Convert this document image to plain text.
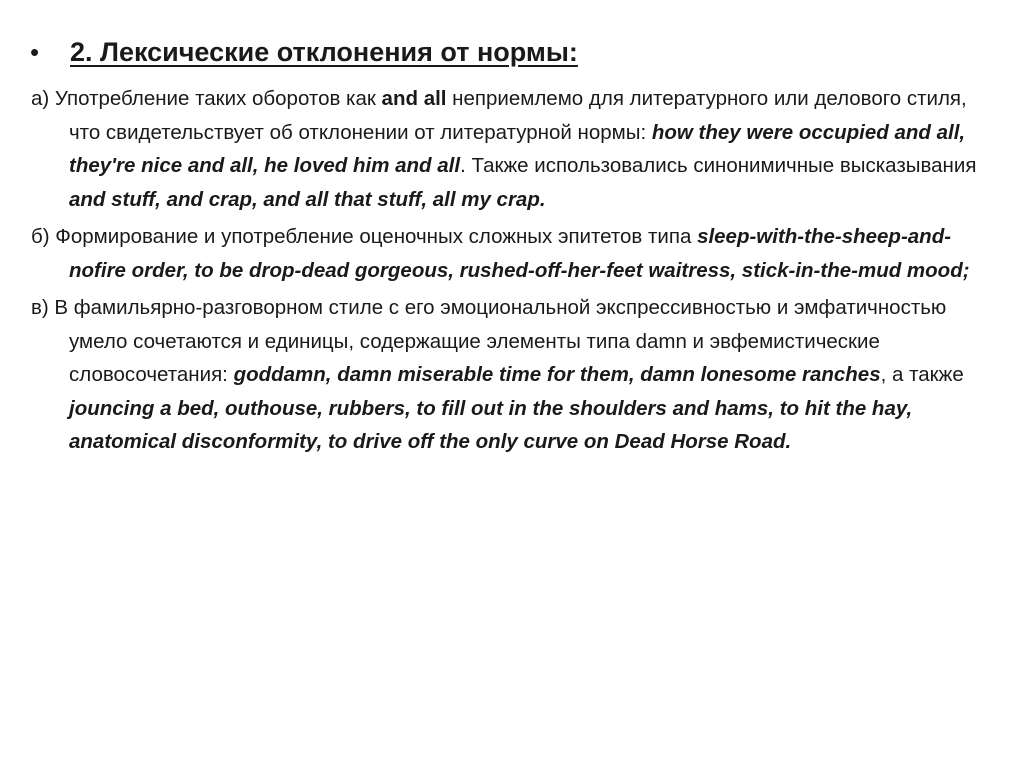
•	2. Лексические отклонения от нормы:

а) Употребление таких оборотов как and all неприемлемо для литературного или делового стиля, что свидетельствует об отклонении от литературной нормы: how they were occupied and all, they're nice and all, he loved him and all. Также использовались синонимичные высказывания and stuff, and crap, and all that stuff, all my crap.

б) Формирование и употребление оценочных сложных эпитетов типа sleep-with-the-sheep-and-nofire order, to be drop-dead gorgeous, rushed-off-her-feet waitress, stick-in-the-mud mood;

в) В фамильярно-разговорном стиле с его эмоциональной экспрессивностью и эмфатичностью умело сочетаются и единицы, содержащие элементы типа damn и эвфемистические словосочетания: goddamn, damn miserable time for them, damn lonesome ranches, а также jouncing a bed, outhouse, rubbers, to fill out in the shoulders and hams, to hit the hay, anatomical disconformity, to drive off the only curve on Dead Horse Road.
